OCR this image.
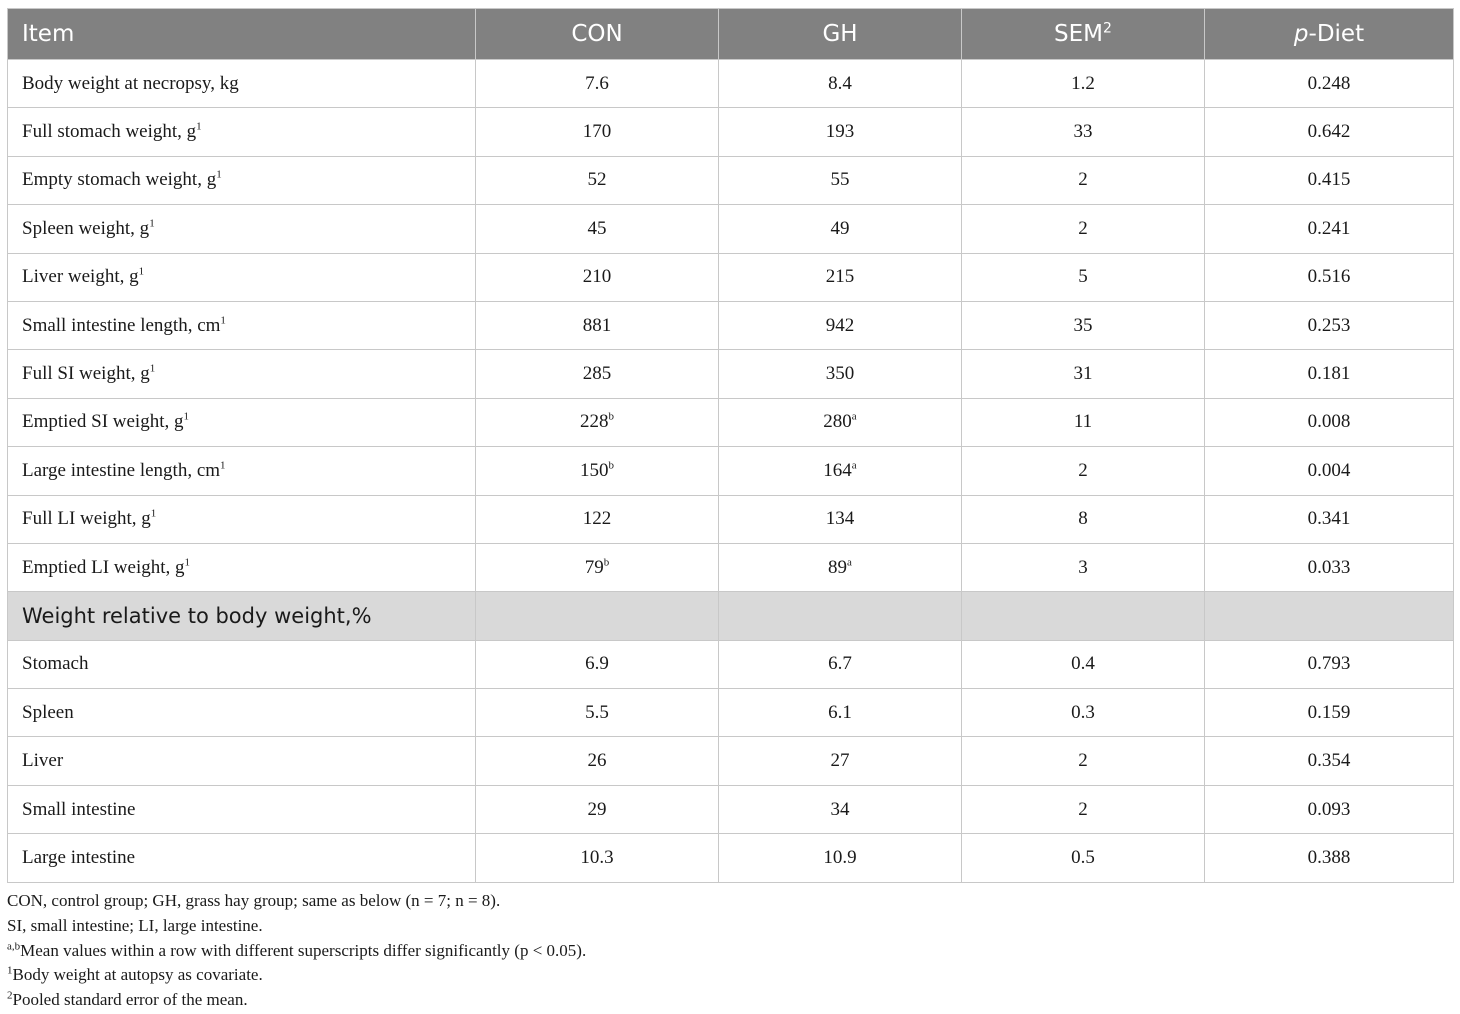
Item	CON	GH	SEM$^2$	p-Diet
Body weight at necropsy, kg	7.6	8.4	1.2	0.248
Full stomach weight, $g^1$	170	193	33	0.642
Empty stomach weight, $g^1$	52	55	2	0.415
Spleen weight, $g^1$	45	49	2	0.241
Liver weight, $g^1$	210	215	5	0.516
Small intestine length, $cm^1$	881	942	35	0.253
Full SI weight, $g^1$	285	350	31	0.181
Emptied SI weight, $g^1$	228$^b$	280$^a$	11	0.008
Large intestine length, $cm^1$	150$^b$	164$^a$	2	0.004
Full LI weight, $g^1$	122	134	8	0.341
Emptied LI weight, $g^1$	79$^b$	89$^a$	3	0.033
Weight relative to body weight,%				
Stomach	6.9	6.7	0.4	0.793
Spleen	5.5	6.1	0.3	0.159
Liver	26	27	2	0.354
Small intestine	29	34	2	0.093
Large intestine	10.3	10.9	0.5	0.388

CON, control group; GH, grass hay group; same as below (n = 7; n = 8).

SI, small intestine; LI, large intestine.

$^{a,b}$Mean values within a row with different superscripts differ significantly (p < 0.05).

$^1$Body weight at autopsy as covariate.

$^2$Pooled standard error of the mean.
